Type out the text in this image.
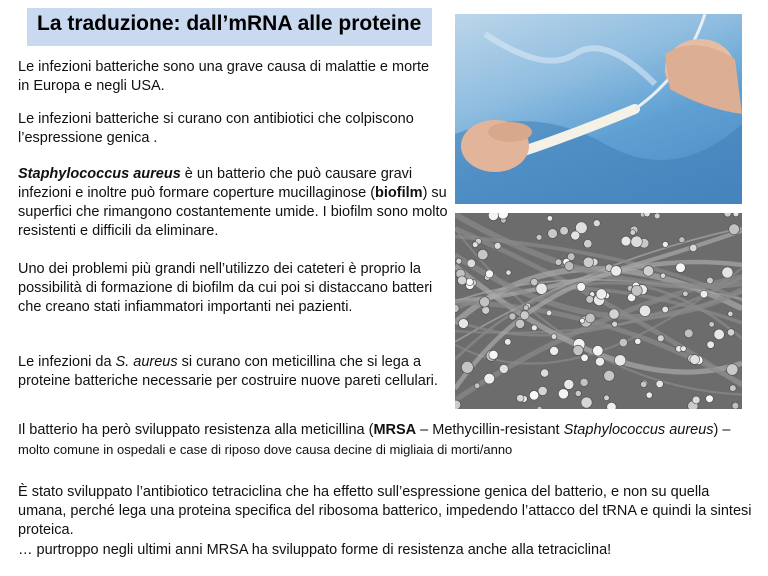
La traduzione: dall’mRNA alle proteine

Le infezioni batteriche sono una grave causa di malattie e morte in Europa e negli USA.

Le infezioni batteriche si curano con antibiotici che colpiscono l’espressione genica .

Staphylococcus aureus è un batterio che può causare gravi infezioni e inoltre può formare coperture mucillaginose (biofilm) su superfici che rimangono costantemente umide. I biofilm sono molto resistenti e difficili da eliminare.

Uno dei problemi più grandi nell’utilizzo dei cateteri è proprio la possibilità di formazione di biofilm da cui poi si distaccano batteri che creano stati infiammatori importanti nei pazienti.

Le infezioni da S. aureus si curano con meticillina che si lega a proteine batteriche necessarie per costruire nuove pareti cellulari.

Il batterio ha però sviluppato resistenza alla meticillina (MRSA – Methycillin-resistant Staphylococcus aureus) – molto comune in ospedali e case di riposo dove causa decine di migliaia di morti/anno

È stato sviluppato l’antibiotico tetraciclina che ha effetto sull’espressione genica del batterio, e non su quella umana, perché lega una proteina specifica del ribosoma batterico, impedendo l’attacco del tRNA e quindi la sintesi proteica.

… purtroppo negli ultimi anni MRSA ha sviluppato forme di resistenza anche alla tetraciclina!
